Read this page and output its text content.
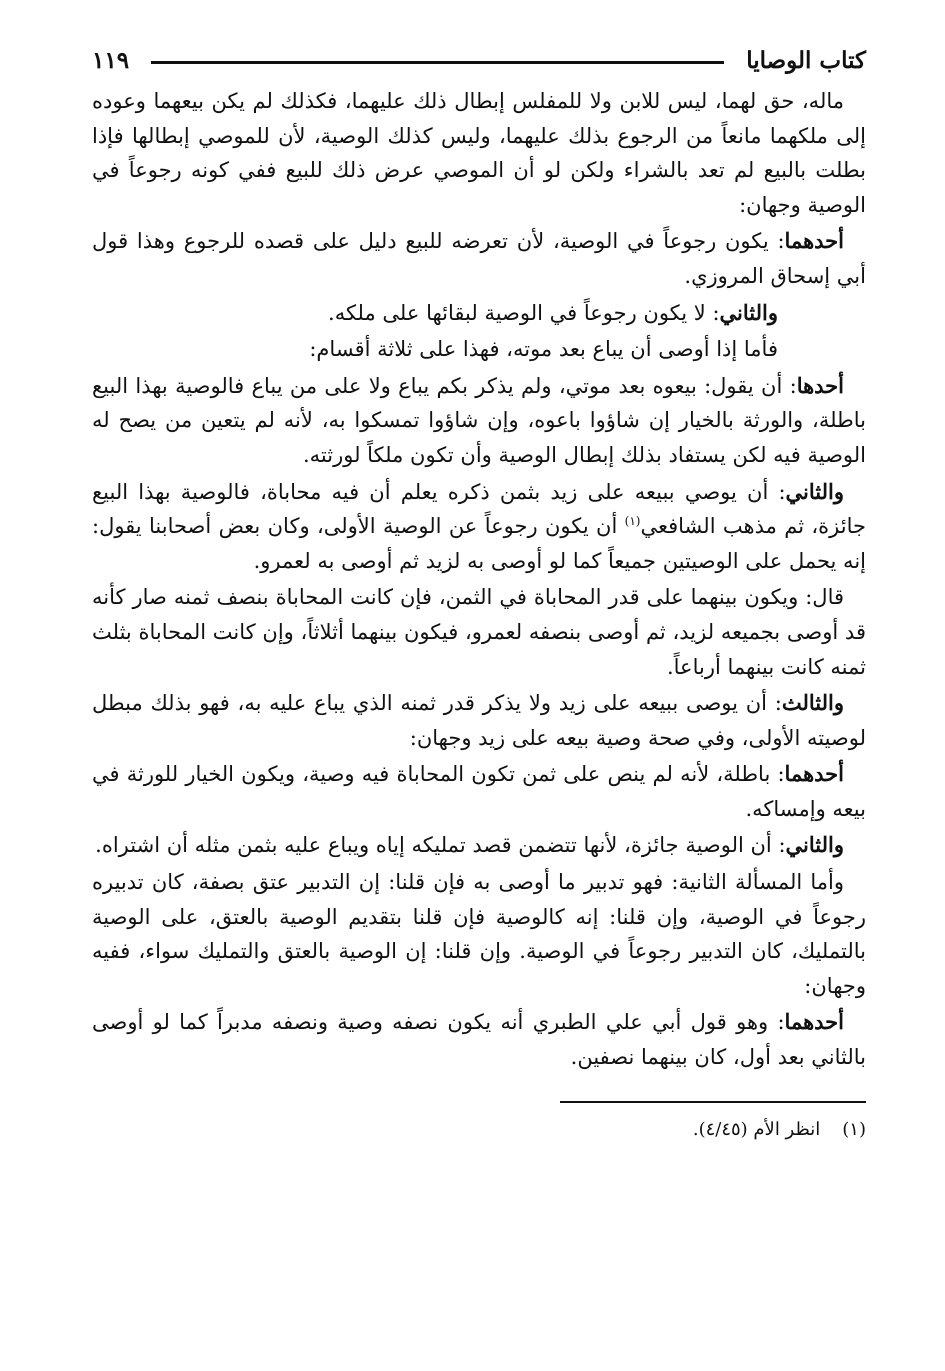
كتاب الوصايا
١١٩

ماله، حق لهما، ليس للابن ولا للمفلس إبطال ذلك عليهما، فكذلك لم يكن بيعهما وعوده إلى ملكهما مانعاً من الرجوع بذلك عليهما، وليس كذلك الوصية، لأن للموصي إبطالها فإذا بطلت بالبيع لم تعد بالشراء ولكن لو أن الموصي عرض ذلك للبيع ففي كونه رجوعاً في الوصية وجهان:

أحدهما: يكون رجوعاً في الوصية، لأن تعرضه للبيع دليل على قصده للرجوع وهذا قول أبي إسحاق المروزي.

والثاني: لا يكون رجوعاً في الوصية لبقائها على ملكه.

فأما إذا أوصى أن يباع بعد موته، فهذا على ثلاثة أقسام:

أحدها: أن يقول: بيعوه بعد موتي، ولم يذكر بكم يباع ولا على من يباع فالوصية بهذا البيع باطلة، والورثة بالخيار إن شاؤوا باعوه، وإن شاؤوا تمسكوا به، لأنه لم يتعين من يصح له الوصية فيه لكن يستفاد بذلك إبطال الوصية وأن تكون ملكاً لورثته.

والثاني: أن يوصي ببيعه على زيد بثمن ذكره يعلم أن فيه محاباة، فالوصية بهذا البيع جائزة، ثم مذهب الشافعي$^{(١)}$ أن يكون رجوعاً عن الوصية الأولى، وكان بعض أصحابنا يقول: إنه يحمل على الوصيتين جميعاً كما لو أوصى به لزيد ثم أوصى به لعمرو.

قال: ويكون بينهما على قدر المحاباة في الثمن، فإن كانت المحاباة بنصف ثمنه صار كأنه قد أوصى بجميعه لزيد، ثم أوصى بنصفه لعمرو، فيكون بينهما أثلاثاً، وإن كانت المحاباة بثلث ثمنه كانت بينهما أرباعاً.

والثالث: أن يوصى ببيعه على زيد ولا يذكر قدر ثمنه الذي يباع عليه به، فهو بذلك مبطل لوصيته الأولى، وفي صحة وصية بيعه على زيد وجهان:

أحدهما: باطلة، لأنه لم ينص على ثمن تكون المحاباة فيه وصية، ويكون الخيار للورثة في بيعه وإمساكه.

والثاني: أن الوصية جائزة، لأنها تتضمن قصد تمليكه إياه ويباع عليه بثمن مثله أن اشتراه.

وأما المسألة الثانية: فهو تدبير ما أوصى به فإن قلنا: إن التدبير عتق بصفة، كان تدبيره رجوعاً في الوصية، وإن قلنا: إنه كالوصية فإن قلنا بتقديم الوصية بالعتق، على الوصية بالتمليك، كان التدبير رجوعاً في الوصية. وإن قلنا: إن الوصية بالعتق والتمليك سواء، ففيه وجهان:

أحدهما: وهو قول أبي علي الطبري أنه يكون نصفه وصية ونصفه مدبراً كما لو أوصى بالثاني بعد أول، كان بينهما نصفين.

(١)انظر الأم (٤/٤٥).
